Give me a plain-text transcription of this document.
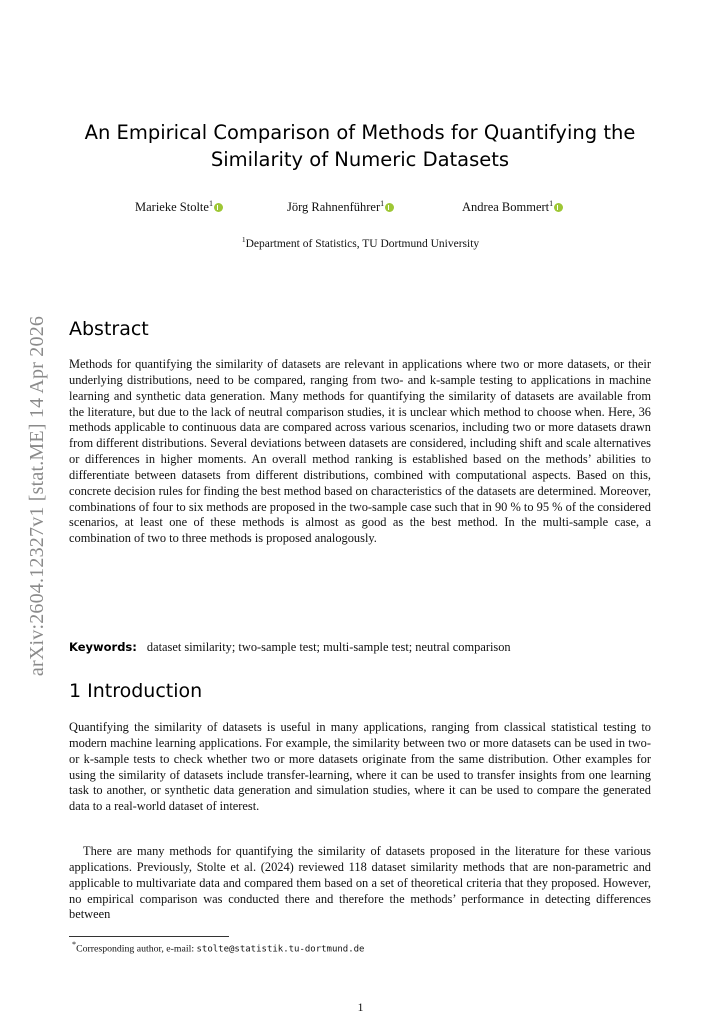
arXiv:2604.12327v1 [stat.ME] 14 Apr 2026
An Empirical Comparison of Methods for Quantifying the Similarity of Numeric Datasets
Marieke Stolte$^1$	Jörg Rahnenführer$^1$	Andrea Bommert$^1$
$^1$Department of Statistics, TU Dortmund University
Abstract

Methods for quantifying the similarity of datasets are relevant in applications where two or more datasets, or their underlying distributions, need to be compared, ranging from two- and k-sample testing to applications in machine learning and synthetic data generation. Many methods for quantifying the similarity of datasets are available from the literature, but due to the lack of neutral comparison studies, it is unclear which method to choose when. Here, 36 methods applicable to continuous data are compared across various scenarios, including two or more datasets drawn from different distributions. Several deviations between datasets are considered, including shift and scale alternatives or differences in higher moments. An overall method ranking is established based on the methods’ abilities to differentiate between datasets from different distributions, combined with computational aspects. Based on this, concrete decision rules for finding the best method based on characteristics of the datasets are determined. Moreover, combinations of four to six methods are proposed in the two-sample case such that in 90 % to 95 % of the considered scenarios, at least one of these methods is almost as good as the best method. In the multi-sample case, a combination of two to three methods is proposed analogously.

Keywords: dataset similarity; two-sample test; multi-sample test; neutral comparison
1 Introduction

Quantifying the similarity of datasets is useful in many applications, ranging from classical statistical testing to modern machine learning applications. For example, the similarity between two or more datasets can be used in two- or k-sample tests to check whether two or more datasets originate from the same distribution. Other examples for using the similarity of datasets include transfer-learning, where it can be used to transfer insights from one learning task to another, or synthetic data generation and simulation studies, where it can be used to compare the generated data to a real-world dataset of interest.

There are many methods for quantifying the similarity of datasets proposed in the literature for these various applications. Previously, Stolte et al. (2024) reviewed 118 dataset similarity methods that are non-parametric and applicable to multivariate data and compared them based on a set of theoretical criteria that they proposed. However, no empirical comparison was conducted there and therefore the methods’ performance in detecting differences between

*Corresponding author, e-mail: stolte@statistik.tu-dortmund.de
1
